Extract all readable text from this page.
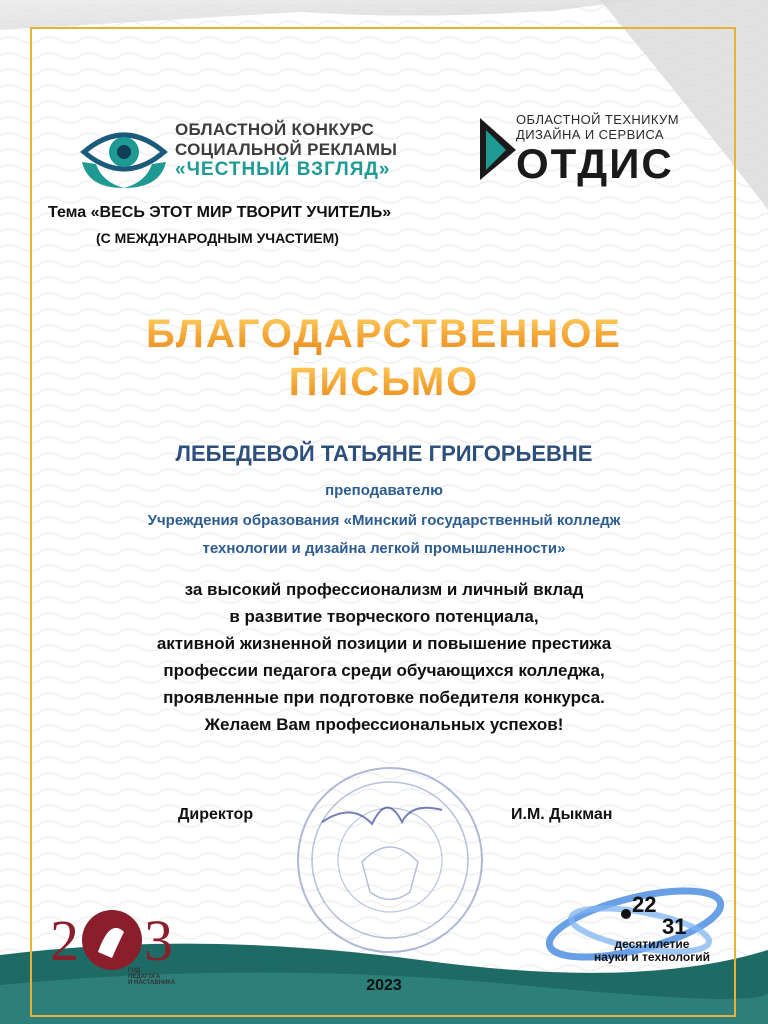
ОБЛАСТНОЙ КОНКУРС
СОЦИАЛЬНОЙ РЕКЛАМЫ
«ЧЕСТНЫЙ ВЗГЛЯД»
ОБЛАСТНОЙ ТЕХНИКУМ
ДИЗАЙНА И СЕРВИСА
ОТДИС
Тема «ВЕСЬ ЭТОТ МИР ТВОРИТ УЧИТЕЛЬ»
(С МЕЖДУНАРОДНЫМ УЧАСТИЕМ)
БЛАГОДАРСТВЕННОЕ
ПИСЬМО
ЛЕБЕДЕВОЙ ТАТЬЯНЕ ГРИГОРЬЕВНЕ
преподавателю
Учреждения образования «Минский государственный колледж
технологии и дизайна легкой промышленности»
за высокий профессионализм и личный вклад
в развитие творческого потенциала,
активной жизненной позиции и повышение престижа
профессии педагога среди обучающихся колледжа,
проявленные при подготовке победителя конкурса.
Желаем Вам профессиональных успехов!
Директор	И.М. Дыкман
2 3
ГОД
ПЕДАГОГА
И НАСТАВНИКА
22
31
десятилетие
науки и технологий
2023
